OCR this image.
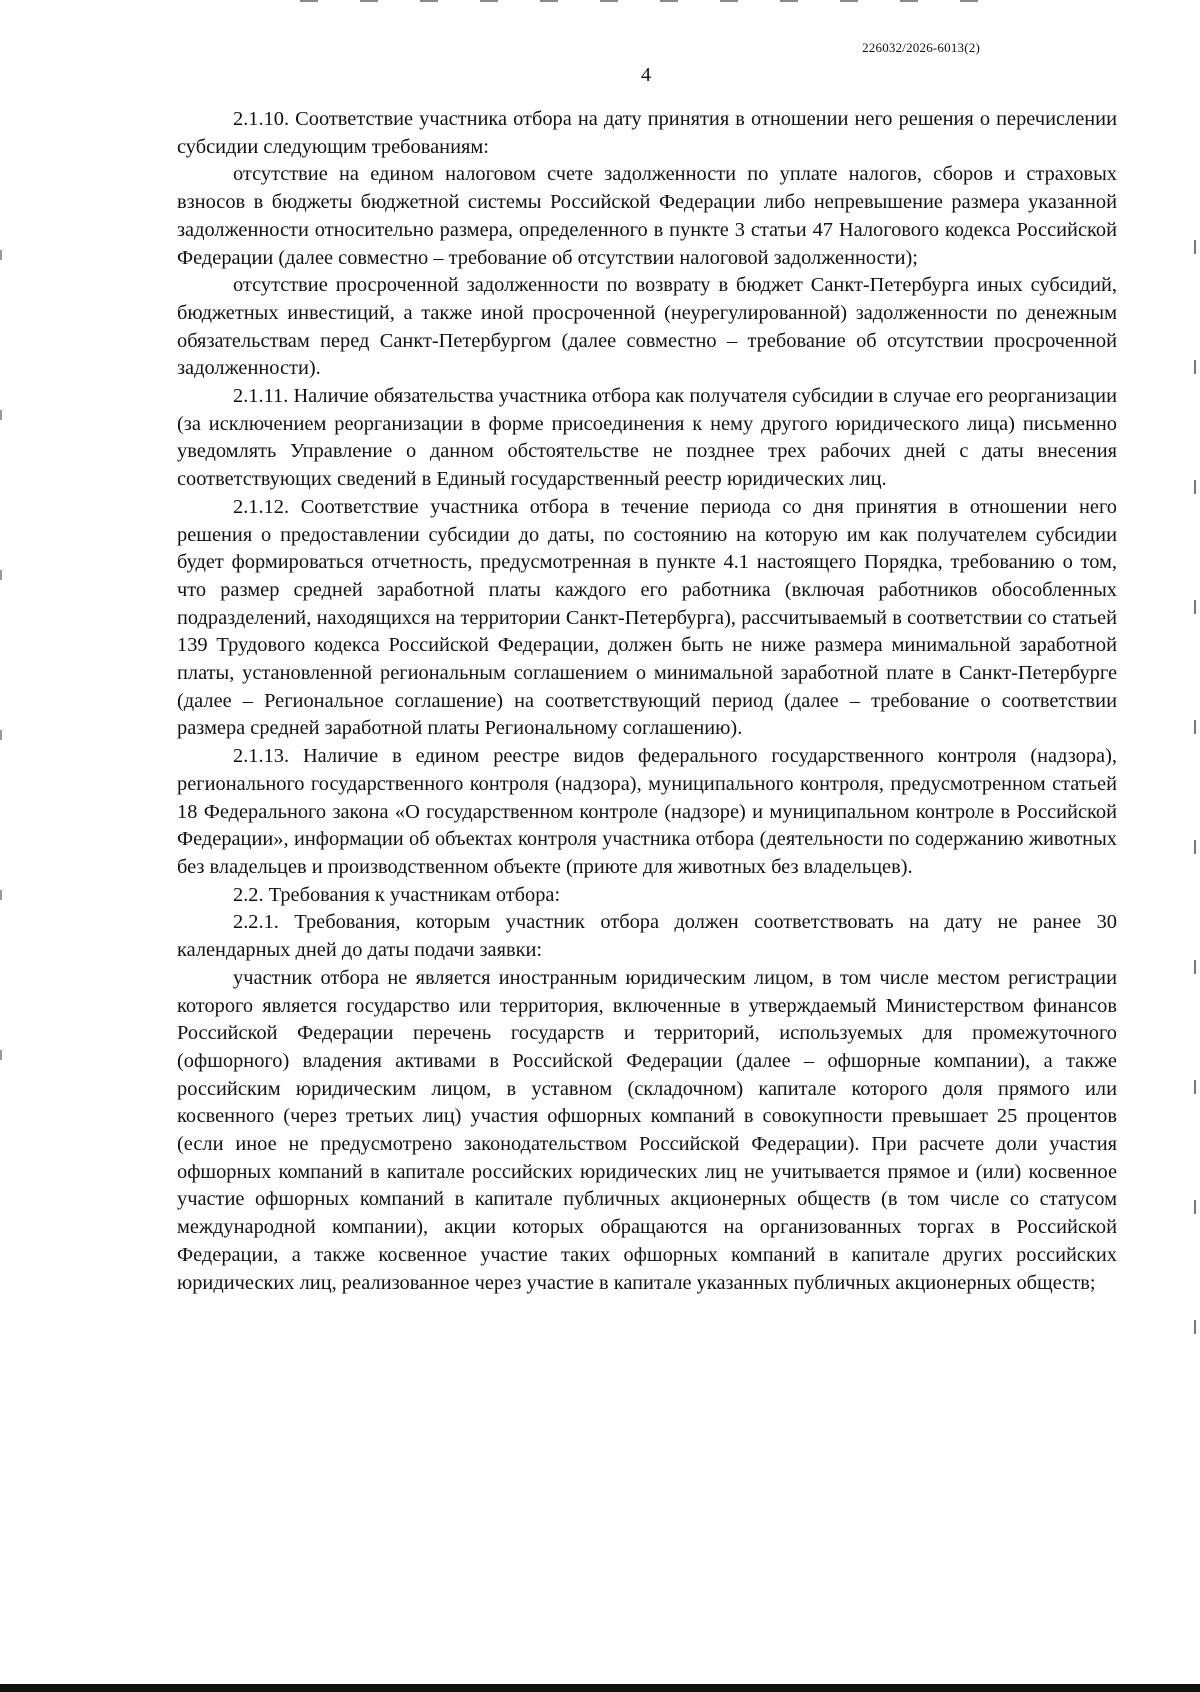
226032/2026-6013(2)
4

2.1.10. Соответствие участника отбора на дату принятия в отношении него решения о перечислении субсидии следующим требованиям:

отсутствие на едином налоговом счете задолженности по уплате налогов, сборов и страховых взносов в бюджеты бюджетной системы Российской Федерации либо непревышение размера указанной задолженности относительно размера, определенного в пункте 3 статьи 47 Налогового кодекса Российской Федерации (далее совместно – требование об отсутствии налоговой задолженности);

отсутствие просроченной задолженности по возврату в бюджет Санкт-Петербурга иных субсидий, бюджетных инвестиций, а также иной просроченной (неурегулированной) задолженности по денежным обязательствам перед Санкт-Петербургом (далее совместно – требование об отсутствии просроченной задолженности).

2.1.11. Наличие обязательства участника отбора как получателя субсидии в случае его реорганизации (за исключением реорганизации в форме присоединения к нему другого юридического лица) письменно уведомлять Управление о данном обстоятельстве не позднее трех рабочих дней с даты внесения соответствующих сведений в Единый государственный реестр юридических лиц.

2.1.12. Соответствие участника отбора в течение периода со дня принятия в отношении него решения о предоставлении субсидии до даты, по состоянию на которую им как получателем субсидии будет формироваться отчетность, предусмотренная в пункте 4.1 настоящего Порядка, требованию о том, что размер средней заработной платы каждого его работника (включая работников обособленных подразделений, находящихся на территории Санкт-Петербурга), рассчитываемый в соответствии со статьей 139 Трудового кодекса Российской Федерации, должен быть не ниже размера минимальной заработной платы, установленной региональным соглашением о минимальной заработной плате в Санкт-Петербурге (далее – Региональное соглашение) на соответствующий период (далее – требование о соответствии размера средней заработной платы Региональному соглашению).

2.1.13. Наличие в едином реестре видов федерального государственного контроля (надзора), регионального государственного контроля (надзора), муниципального контроля, предусмотренном статьей 18 Федерального закона «О государственном контроле (надзоре) и муниципальном контроле в Российской Федерации», информации об объектах контроля участника отбора (деятельности по содержанию животных без владельцев и производственном объекте (приюте для животных без владельцев).

2.2. Требования к участникам отбора:

2.2.1. Требования, которым участник отбора должен соответствовать на дату не ранее 30 календарных дней до даты подачи заявки:

участник отбора не является иностранным юридическим лицом, в том числе местом регистрации которого является государство или территория, включенные в утверждаемый Министерством финансов Российской Федерации перечень государств и территорий, используемых для промежуточного (офшорного) владения активами в Российской Федерации (далее – офшорные компании), а также российским юридическим лицом, в уставном (складочном) капитале которого доля прямого или косвенного (через третьих лиц) участия офшорных компаний в совокупности превышает 25 процентов (если иное не предусмотрено законодательством Российской Федерации). При расчете доли участия офшорных компаний в капитале российских юридических лиц не учитывается прямое и (или) косвенное участие офшорных компаний в капитале публичных акционерных обществ (в том числе со статусом международной компании), акции которых обращаются на организованных торгах в Российской Федерации, а также косвенное участие таких офшорных компаний в капитале других российских юридических лиц, реализованное через участие в капитале указанных публичных акционерных обществ;
